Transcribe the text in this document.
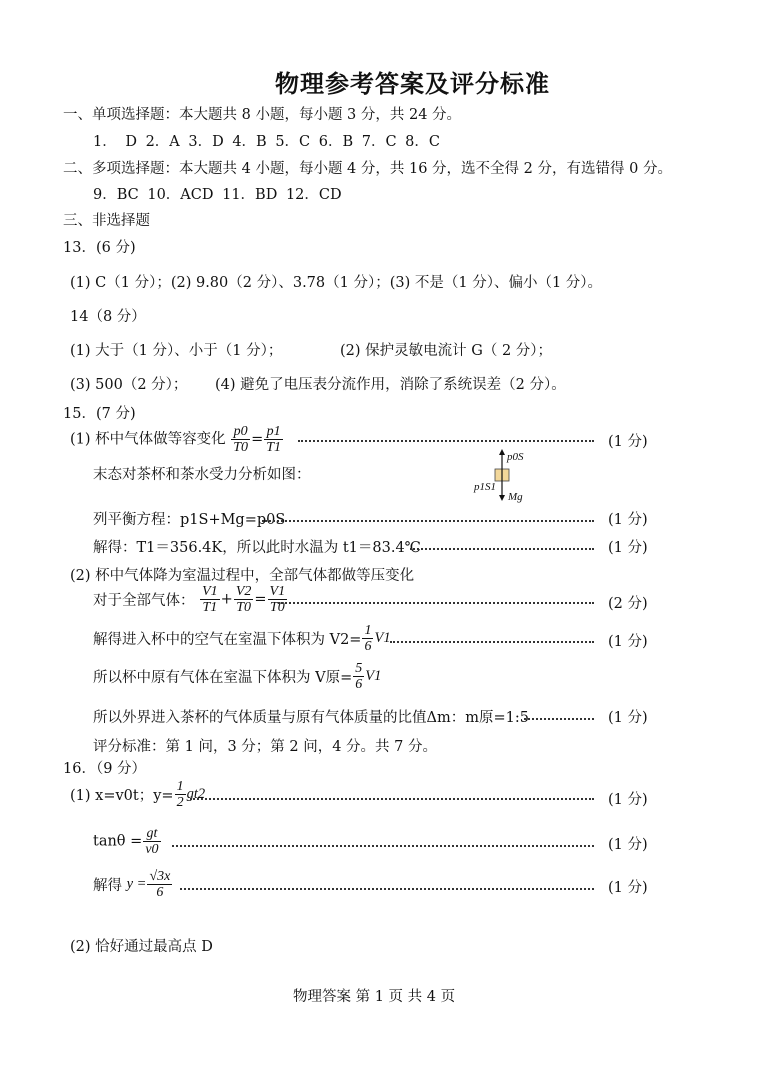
物理参考答案及评分标准
一、单项选择题：本大题共 8 小题，每小题 3 分，共 24 分。
1． D 2．A 3．D 4．B 5．C 6．B 7．C 8．C
二、多项选择题：本大题共 4 小题，每小题 4 分，共 16 分，选不全得 2 分，有选错得 0 分。
9．BC 10．ACD 11．BD 12．CD
三、非选择题
13．(6 分)
(1) C（1 分）；(2) 9.80（2 分）、3.78（1 分）；(3) 不是（1 分）、偏小（1 分）。
14（8 分）
(1) 大于（1 分）、小于（1 分）；	(2) 保护灵敏电流计 G（ 2 分）；
(3) 500（2 分）； (4) 避免了电压表分流作用，消除了系统误差（2 分）。
15．(7 分)
(1) 杯中气体做等容变化 $\frac{p0}{T0} = \frac{p1}{T1}$	(1 分)
末态对茶杯和茶水受力分析如图：
p0S
p1S1
Mg
列平衡方程：p1S+Mg=p0S	(1 分)
解得：T1＝356.4K，所以此时水温为 t1＝83.4℃	(1 分)
(2) 杯中气体降为室温过程中，全部气体都做等压变化
对于全部气体： $\frac{V1}{T1} + \frac{V2}{T0} = \frac{V1}{T0}$	(2 分)
解得进入杯中的空气在室温下体积为 $V2= \frac{1}{6} V1$	(1 分)
所以杯中原有气体在室温下体积为 V原= $\frac{5}{6} V1$
所以外界进入茶杯的气体质量与原有气体质量的比值Δm：m原=1:5	(1 分)
评分标准：第 1 问，3 分；第 2 问，4 分。共 7 分。
16．（9 分）
(1) x=v0t；$y= \frac{1}{2} gt2$	(1 分)
$\tan\theta = \frac{gt}{v0}$	(1 分)
解得 $y = \frac{√3x}{6}$	(1 分)
(2) 恰好通过最高点 D
物理答案 第 1 页 共 4 页
